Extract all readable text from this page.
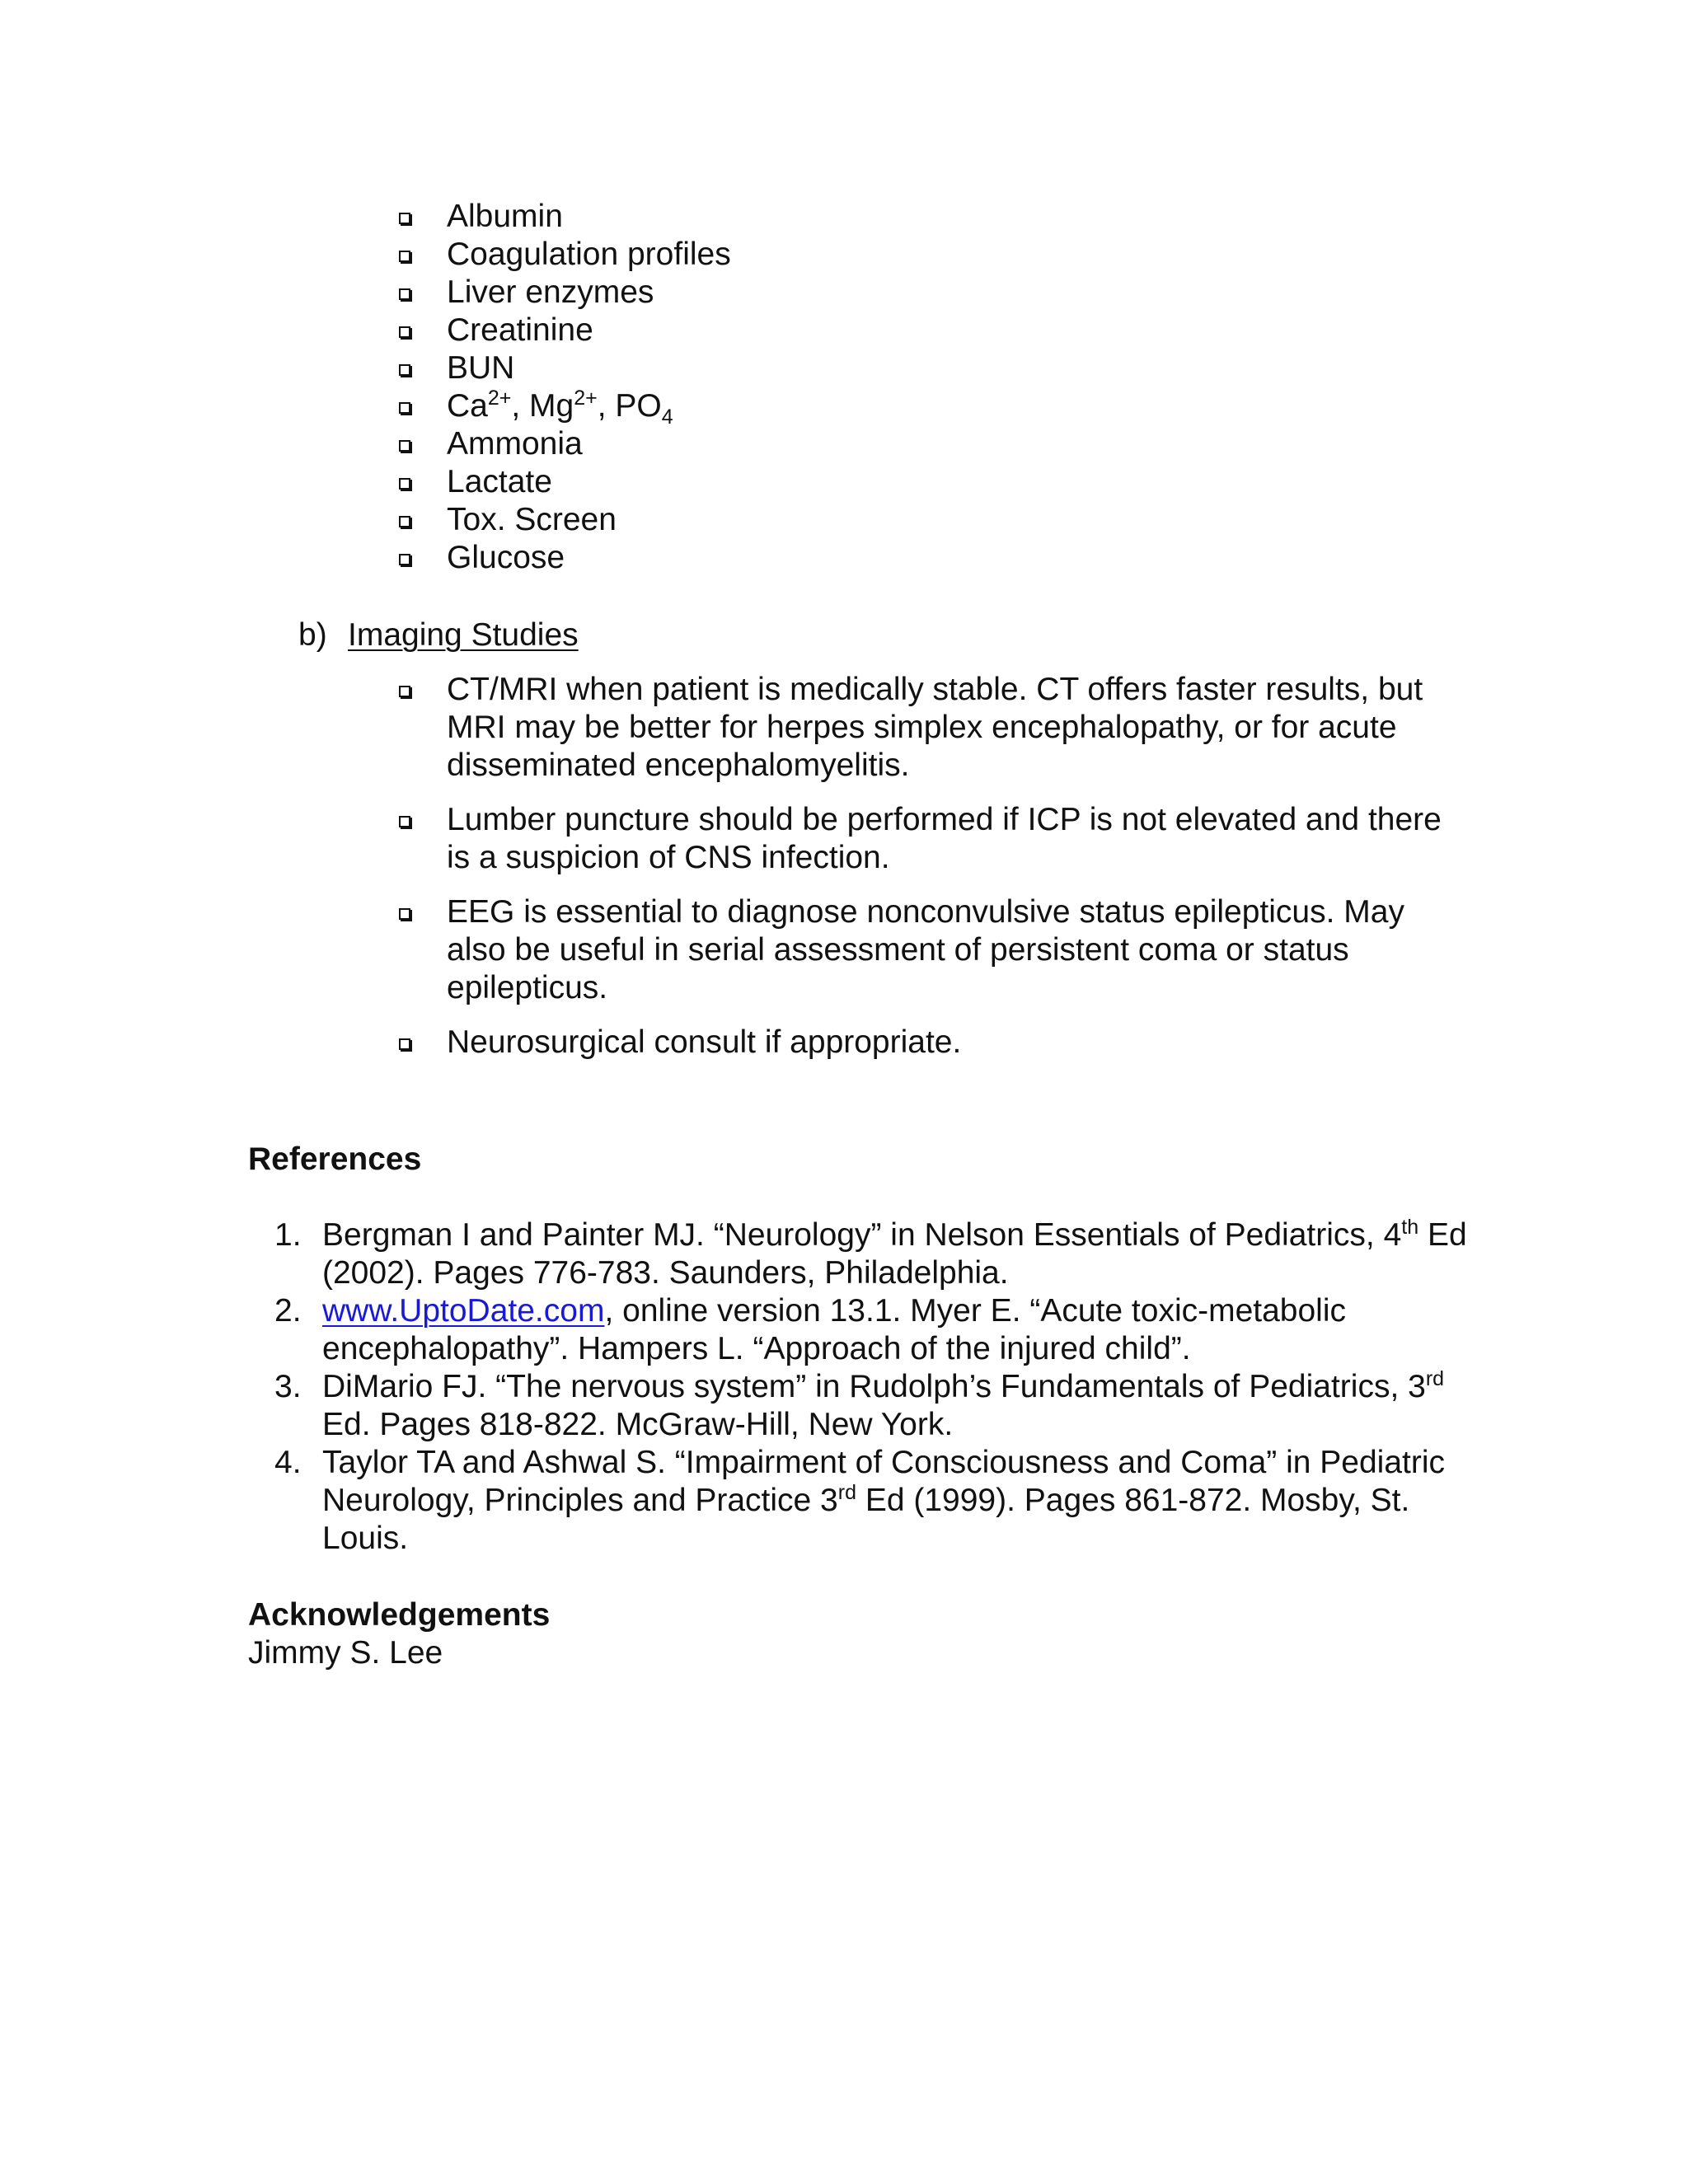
Albumin
Coagulation profiles
Liver enzymes
Creatinine
BUN
$Ca^{2+}$, $Mg^{2+}$, $PO_4$
Ammonia
Lactate
Tox. Screen
Glucose
b) Imaging Studies
CT/MRI when patient is medically stable. CT offers faster results, but MRI may be better for herpes simplex encephalopathy, or for acute disseminated encephalomyelitis.
Lumber puncture should be performed if ICP is not elevated and there is a suspicion of CNS infection.
EEG is essential to diagnose nonconvulsive status epilepticus. May also be useful in serial assessment of persistent coma or status epilepticus.
Neurosurgical consult if appropriate.
References
1. Bergman I and Painter MJ. “Neurology” in Nelson Essentials of Pediatrics, 4th Ed (2002). Pages 776-783. Saunders, Philadelphia.
2. www.UptoDate.com, online version 13.1. Myer E. “Acute toxic-metabolic encephalopathy”. Hampers L. “Approach of the injured child”.
3. DiMario FJ. “The nervous system” in Rudolph’s Fundamentals of Pediatrics, 3rd Ed. Pages 818-822. McGraw-Hill, New York.
4. Taylor TA and Ashwal S. “Impairment of Consciousness and Coma” in Pediatric Neurology, Principles and Practice 3rd Ed (1999). Pages 861-872. Mosby, St. Louis.
Acknowledgements
Jimmy S. Lee
